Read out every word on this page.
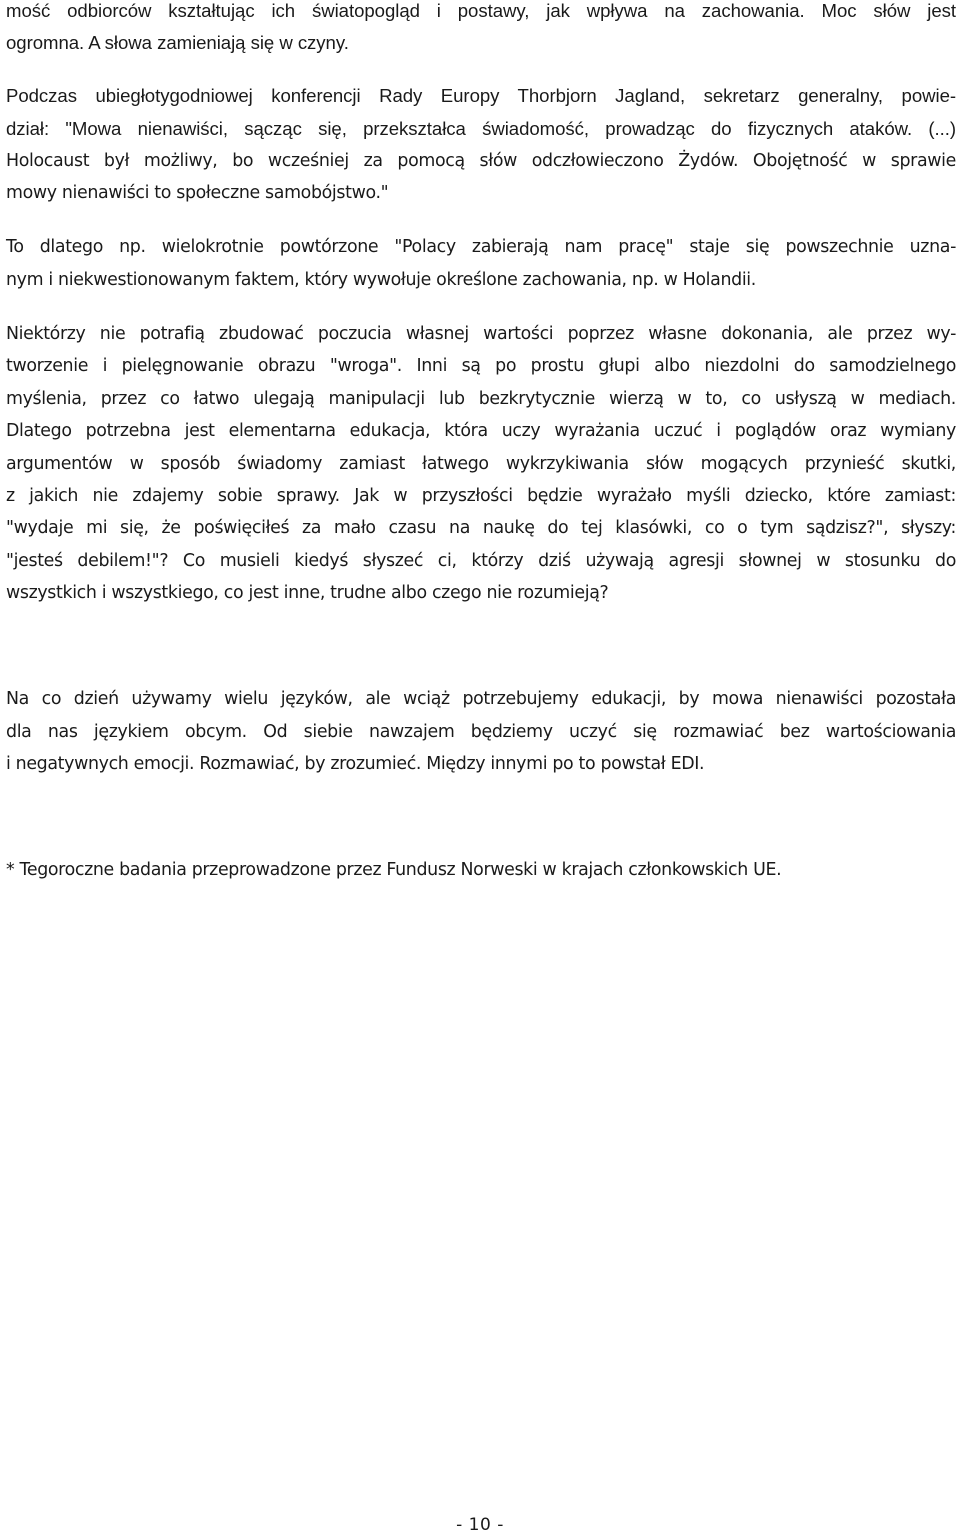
mość odbiorców kształtując ich światopogląd i postawy, jak wpływa na zachowania. Moc słów jest
ogromna. A słowa zamieniają się w czyny.
Podczas ubiegłotygodniowej konferencji Rady Europy Thorbjorn Jagland, sekretarz generalny, powie-
dział: "Mowa nienawiści, sącząc się, przekształca świadomość, prowadząc do fizycznych ataków. (...)
Holocaust był możliwy, bo wcześniej za pomocą słów odczłowieczono Żydów. Obojętność w sprawie
mowy nienawiści to społeczne samobójstwo."
To dlatego np. wielokrotnie powtórzone "Polacy zabierają nam pracę" staje się powszechnie uzna-
nym i niekwestionowanym faktem, który wywołuje określone zachowania, np. w Holandii.
Niektórzy nie potrafią zbudować poczucia własnej wartości poprzez własne dokonania, ale przez wy-
tworzenie i pielęgnowanie obrazu "wroga". Inni są po prostu głupi albo niezdolni do samodzielnego
myślenia, przez co łatwo ulegają manipulacji lub bezkrytycznie wierzą w to, co usłyszą w mediach.
Dlatego potrzebna jest elementarna edukacja, która uczy wyrażania uczuć i poglądów oraz wymiany
argumentów w sposób świadomy zamiast łatwego wykrzykiwania słów mogących przynieść skutki,
z jakich nie zdajemy sobie sprawy. Jak w przyszłości będzie wyrażało myśli dziecko, które zamiast:
"wydaje mi się, że poświęciłeś za mało czasu na naukę do tej klasówki, co o tym sądzisz?", słyszy:
"jesteś debilem!"? Co musieli kiedyś słyszeć ci, którzy dziś używają agresji słownej w stosunku do
wszystkich i wszystkiego, co jest inne, trudne albo czego nie rozumieją?
Na co dzień używamy wielu języków, ale wciąż potrzebujemy edukacji, by mowa nienawiści pozostała
dla nas językiem obcym. Od siebie nawzajem będziemy uczyć się rozmawiać bez wartościowania
i negatywnych emocji. Rozmawiać, by zrozumieć. Między innymi po to powstał EDI.
* Tegoroczne badania przeprowadzone przez Fundusz Norweski w krajach członkowskich UE.
- 10 -
